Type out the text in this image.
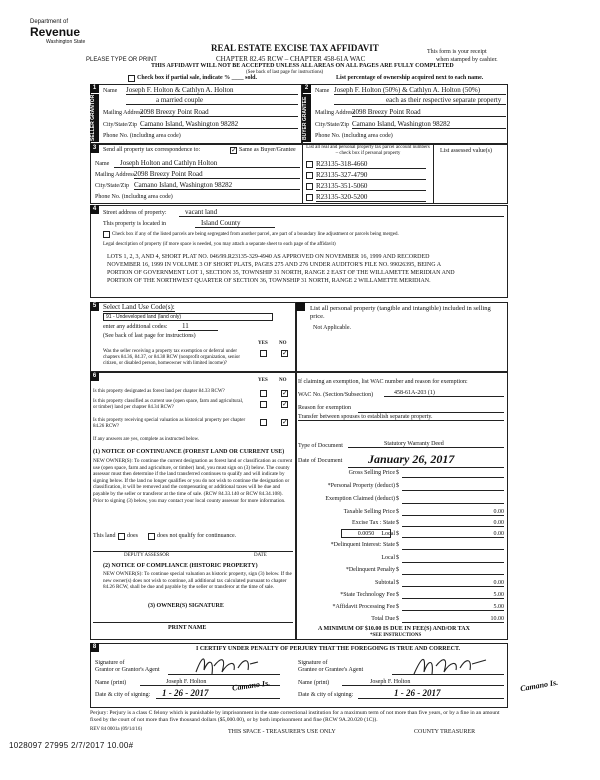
Department of
Revenue
Washington State
PLEASE TYPE OR PRINT
REAL ESTATE EXCISE TAX AFFIDAVIT
CHAPTER 82.45 RCW – CHAPTER 458-61A WAC
THIS AFFIDAVIT WILL NOT BE ACCEPTED UNLESS ALL AREAS ON ALL PAGES ARE FULLY COMPLETED
(See back of last page for instructions)
This form is your receipt
when stamped by cashier.
Check box if partial sale, indicate % ____ sold.	List percentage of ownership acquired next to each name.
1
SELLER GRANTOR
Name Joseph F. Holton & Cathlyn A. Holton
a married couple
Mailing Address
2098 Breezy Point Road
City/State/Zip Camano Island, Washington 98282
Phone No. (including area code)
2
BUYER GRANTEE
Name Joseph F. Holton (50%) & Cathlyn A. Holton (50%)
each as their respective separate property
Mailing Address
2098 Breezy Point Road
City/State/Zip Camano Island, Washington 98282
Phone No. (including area code)
3	Send all property tax correspondence to:	✓ Same as Buyer/Grantee
Name	Joseph Holton and Cathlyn Holton
Mailing Address 2098 Breezy Point Road
City/State/Zip Camano Island, Washington 98282
Phone No. (including area code)
List all real and personal property tax parcel account numbers – check box if personal property	List assessed value(s)
R23135-318-4660
R23135-327-4790
R23135-351-5060
R23135-320-5200
4
Street address of property:	vacant land
This property is located in	Island County
Check box if any of the listed parcels are being segregated from another parcel, are part of a boundary line adjustment or parcels being merged.
Legal description of property (if more space is needed, you may attach a separate sheet to each page of the affidavit)
LOTS 1, 2, 3, AND 4, SHORT PLAT NO. 046/99.R23135-329-4940 AS APPROVED ON NOVEMBER 16, 1999 AND RECORDED
NOVEMBER 16, 1999 IN VOLUME 3 OF SHORT PLATS, PAGES 275 AND 276 UNDER AUDITOR'S FILE NO. 99026395, BEING A
PORTION OF GOVERNMENT LOT 1, SECTION 35, TOWNSHIP 31 NORTH, RANGE 2 EAST OF THE WILLAMETTE MERIDIAN AND
PORTION OF THE NORTHWEST QUARTER OF SECTION 36, TOWNSHIP 31 NORTH, RANGE 2 WILLAMETTE MERIDIAN.
5 Select Land Use Code(s):
91 - Undeveloped land (land only)
enter any additional codes:	11
(See back of last page for instructions)
YES NO
Was the seller receiving a property tax exemption or deferral under chapters 84.36, 84.37, or 84.38 RCW (nonprofit organization, senior citizen, or disabled person, homeowner with limited income)?
✓
List all personal property (tangible and intangible) included in selling price.
Not Applicable.
6
YES NO
Is this property designated as forest land per chapter 84.33 RCW?	✓
Is this property classified as current use (open space, farm and agricultural, or timber) land per chapter 84.34 RCW?	✓
Is this property receiving special valuation as historical property per chapter 84.26 RCW?
✓
If any answers are yes, complete as instructed below.
(1) NOTICE OF CONTINUANCE (FOREST LAND OR CURRENT USE)
NEW OWNER(S): To continue the current designation as forest land or classification as current use (open space, farm and agriculture, or timber) land, you must sign on (3) below. The county assessor must then determine if the land transferred continues to qualify and will indicate by signing below. If the land no longer qualifies or you do not wish to continue the designation or classification, it will be removed and the compensating or additional taxes will be due and payable by the seller or transferor at the time of sale. (RCW 84.33.140 or RCW 84.34.108). Prior to signing (3) below, you may contact your local county assessor for more information.
This land does	does not qualify for continuance.
DEPUTY ASSESSOR	DATE
(2) NOTICE OF COMPLIANCE (HISTORIC PROPERTY)
NEW OWNER(S): To continue special valuation as historic property, sign (3) below. If the new owner(s) does not wish to continue, all additional tax calculated pursuant to chapter 84.26 RCW, shall be due and payable by the seller or transferor at the time of sale.
(3) OWNER(S) SIGNATURE
PRINT NAME
If claiming an exemption, list WAC number and reason for exemption:
WAC No. (Section/Subsection)	458-61A-203 (1)
Reason for exemption
Transfer between spouses to establish separate property.
Type of Document	Statutory Warranty Deed
Date of Document	January 26, 2017
Gross Selling Price $
*Personal Property (deduct) $
Exemption Claimed (deduct) $
Taxable Selling Price $	0.00
Excise Tax : State $	0.00
0.0050	Local $	0.00
*Delinquent Interest: State $
Local $
*Delinquent Penalty $
Subtotal $	0.00
*State Technology Fee $	5.00
*Affidavit Processing Fee $	5.00
Total Due $	10.00
A MINIMUM OF $10.00 IS DUE IN FEE(S) AND/OR TAX
*SEE INSTRUCTIONS
8	I CERTIFY UNDER PENALTY OF PERJURY THAT THE FOREGOING IS TRUE AND CORRECT.
Signature of
Grantor or Grantor's Agent
Name (print)	Joseph F. Holton
Date & city of signing:	1 - 26 - 2017
Camano Is.
Signature of
Grantee or Grantee's Agent
Name (print)	Joseph F. Holton
Date & city of signing:	1 - 26 - 2017	Camano Is.
Perjury: Perjury is a class C felony which is punishable by imprisonment in the state correctional institution for a maximum term of not more than five years, or by a fine in an amount fixed by the court of not more than five thousand dollars ($5,000.00), or by both imprisonment and fine (RCW 9A.20.020 (1C)).
REV 84 0001a (09/14/16)	THIS SPACE - TREASURER'S USE ONLY	COUNTY TREASURER
1028097 27995 2/7/2017 10.00#
